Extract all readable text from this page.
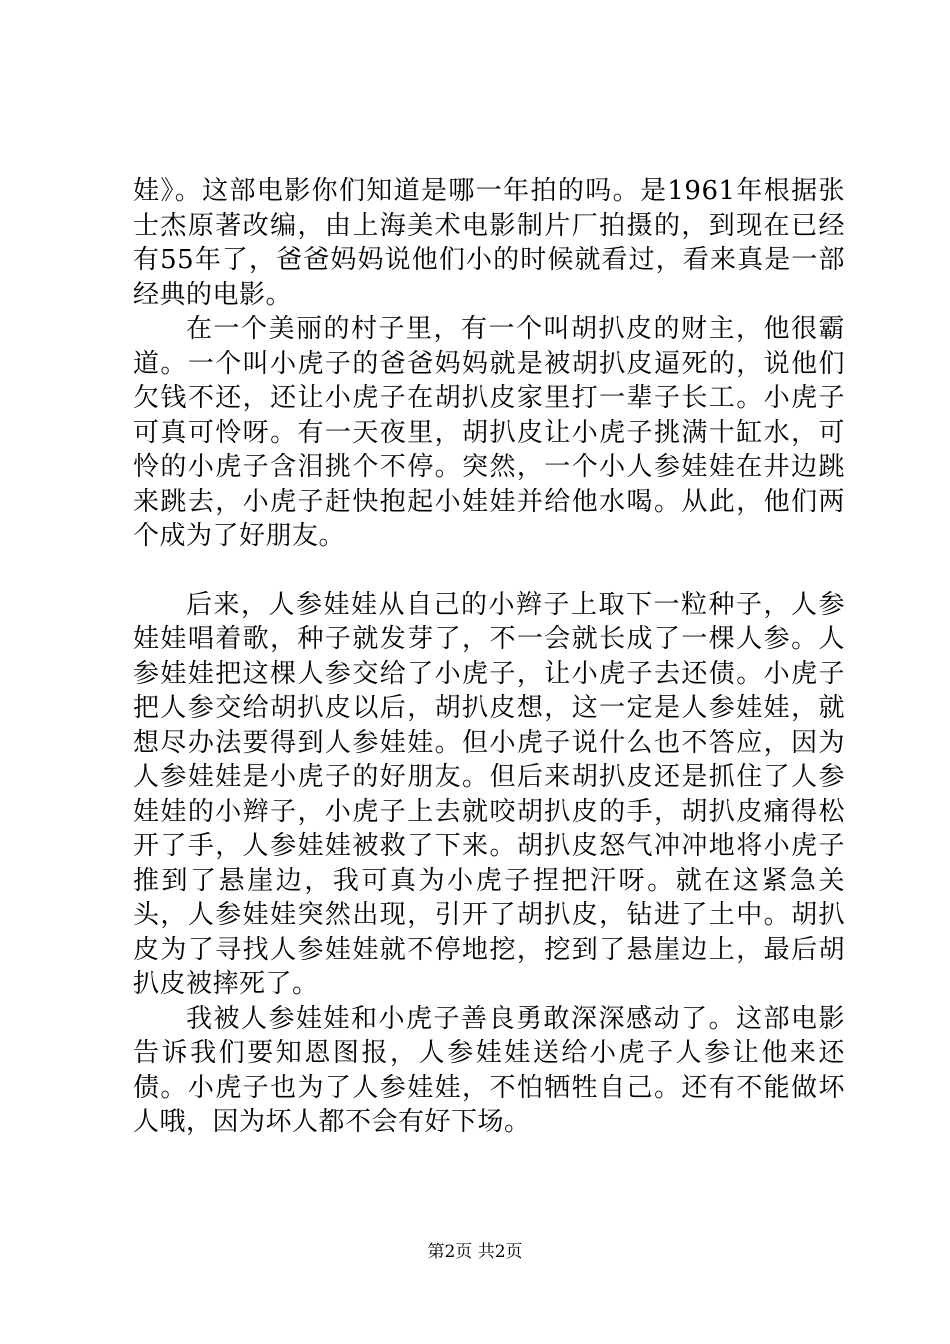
娃》。这部电影你们知道是哪一年拍的吗。是1961年根据张士杰原著改编，由上海美术电影制片厂拍摄的，到现在已经有55年了，爸爸妈妈说他们小的时候就看过，看来真是一部经典的电影。

在一个美丽的村子里，有一个叫胡扒皮的财主，他很霸道。一个叫小虎子的爸爸妈妈就是被胡扒皮逼死的，说他们欠钱不还，还让小虎子在胡扒皮家里打一辈子长工。小虎子可真可怜呀。有一天夜里，胡扒皮让小虎子挑满十缸水，可怜的小虎子含泪挑个不停。突然，一个小人参娃娃在井边跳来跳去，小虎子赶快抱起小娃娃并给他水喝。从此，他们两个成为了好朋友。

后来，人参娃娃从自己的小辫子上取下一粒种子，人参娃娃唱着歌，种子就发芽了，不一会就长成了一棵人参。人参娃娃把这棵人参交给了小虎子，让小虎子去还债。小虎子把人参交给胡扒皮以后，胡扒皮想，这一定是人参娃娃，就想尽办法要得到人参娃娃。但小虎子说什么也不答应，因为人参娃娃是小虎子的好朋友。但后来胡扒皮还是抓住了人参娃娃的小辫子，小虎子上去就咬胡扒皮的手，胡扒皮痛得松开了手，人参娃娃被救了下来。胡扒皮怒气冲冲地将小虎子推到了悬崖边，我可真为小虎子捏把汗呀。就在这紧急关头，人参娃娃突然出现，引开了胡扒皮，钻进了土中。胡扒皮为了寻找人参娃娃就不停地挖，挖到了悬崖边上，最后胡扒皮被摔死了。

我被人参娃娃和小虎子善良勇敢深深感动了。这部电影告诉我们要知恩图报，人参娃娃送给小虎子人参让他来还债。小虎子也为了人参娃娃，不怕牺牲自己。还有不能做坏人哦，因为坏人都不会有好下场。

第2页 共2页
